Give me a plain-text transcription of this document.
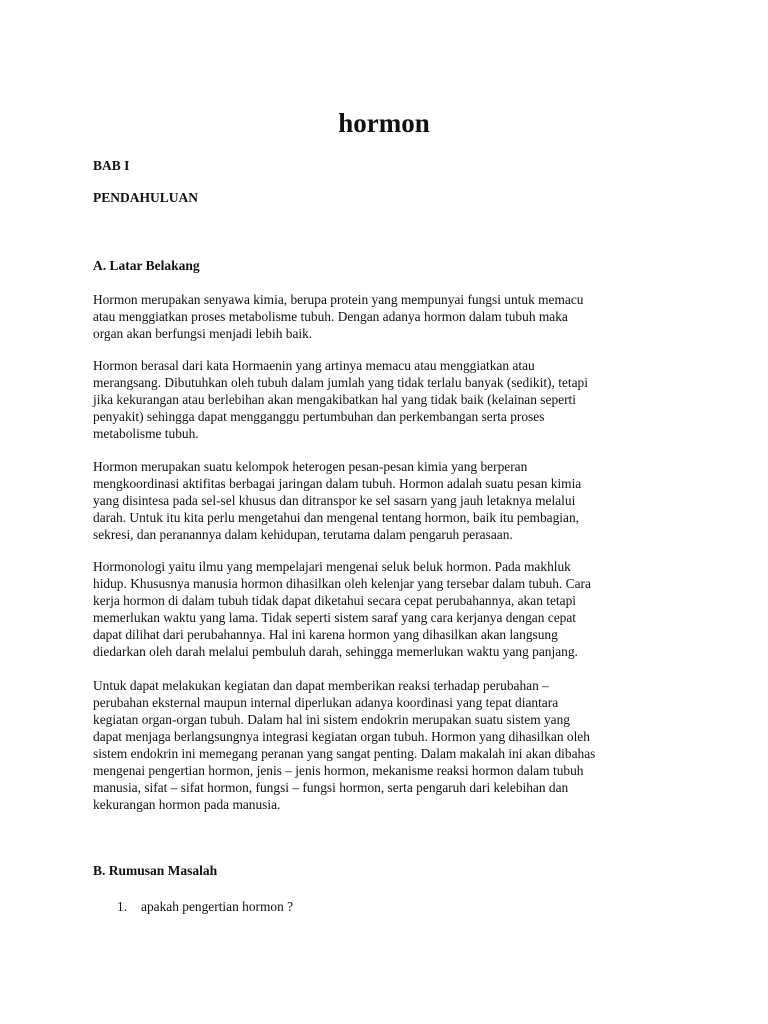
hormon

BAB I

PENDAHULUAN

A. Latar Belakang

Hormon merupakan senyawa kimia, berupa protein yang mempunyai fungsi untuk memacu
atau menggiatkan proses metabolisme tubuh. Dengan adanya hormon dalam tubuh maka
organ akan berfungsi menjadi lebih baik.
Hormon berasal dari kata Hormaenin yang artinya memacu atau menggiatkan atau
merangsang. Dibutuhkan oleh tubuh dalam jumlah yang tidak terlalu banyak (sedikit), tetapi
jika kekurangan atau berlebihan akan mengakibatkan hal yang tidak baik (kelainan seperti
penyakit) sehingga dapat mengganggu pertumbuhan dan perkembangan serta proses
metabolisme tubuh.
Hormon merupakan suatu kelompok heterogen pesan-pesan kimia yang berperan
mengkoordinasi aktifitas berbagai jaringan dalam tubuh. Hormon adalah suatu pesan kimia
yang disintesa pada sel-sel khusus dan ditranspor ke sel sasarn yang jauh letaknya melalui
darah. Untuk itu kita perlu mengetahui dan mengenal tentang hormon, baik itu pembagian,
sekresi, dan peranannya dalam kehidupan, terutama dalam pengaruh perasaan.
Hormonologi yaitu ilmu yang mempelajari mengenai seluk beluk hormon. Pada makhluk
hidup. Khususnya manusia hormon dihasilkan oleh kelenjar yang tersebar dalam tubuh. Cara
kerja hormon di dalam tubuh tidak dapat diketahui secara cepat perubahannya, akan tetapi
memerlukan waktu yang lama. Tidak seperti sistem saraf yang cara kerjanya dengan cepat
dapat dilihat dari perubahannya. Hal ini karena hormon yang dihasilkan akan langsung
diedarkan oleh darah melalui pembuluh darah, sehingga memerlukan waktu yang panjang.
Untuk dapat melakukan kegiatan dan dapat memberikan reaksi terhadap perubahan –
perubahan eksternal maupun internal diperlukan adanya koordinasi yang tepat diantara
kegiatan organ-organ tubuh. Dalam hal ini sistem endokrin merupakan suatu sistem yang
dapat menjaga berlangsungnya integrasi kegiatan organ tubuh. Hormon yang dihasilkan oleh
sistem endokrin ini memegang peranan yang sangat penting. Dalam makalah ini akan dibahas
mengenai pengertian hormon, jenis – jenis hormon, mekanisme reaksi hormon dalam tubuh
manusia, sifat – sifat hormon, fungsi – fungsi hormon, serta pengaruh dari kelebihan dan
kekurangan hormon pada manusia.

B. Rumusan Masalah

1. apakah pengertian hormon ?
